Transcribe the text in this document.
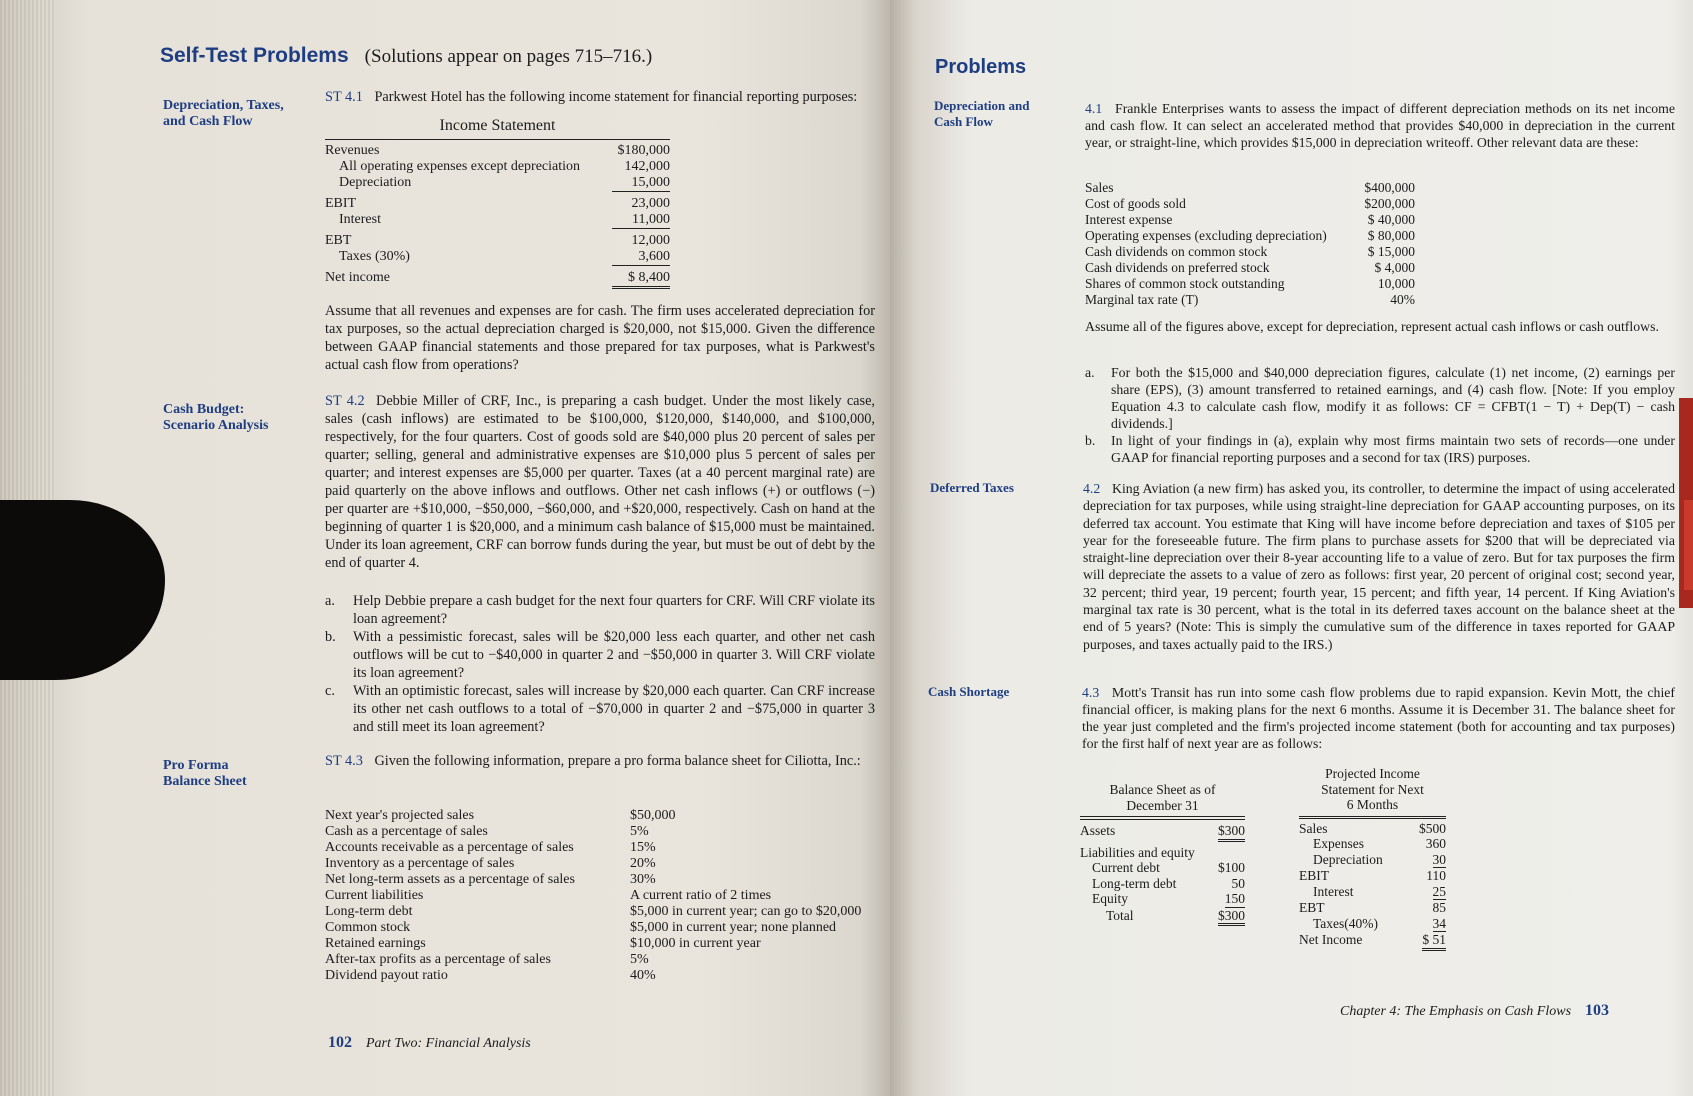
Self-Test Problems (Solutions appear on pages 715–716.)
Depreciation, Taxes,
and Cash Flow
ST 4.1 Parkwest Hotel has the following income statement for financial reporting purposes:
Income Statement
Revenues	$180,000
All operating expenses except depreciation	142,000
Depreciation	15,000
EBIT	23,000
Interest	11,000
EBT	12,000
Taxes (30%)	3,600
Net income	$ 8,400
Assume that all revenues and expenses are for cash. The firm uses accelerated depreciation for tax purposes, so the actual depreciation charged is $20,000, not $15,000. Given the difference between GAAP financial statements and those prepared for tax purposes, what is Parkwest's actual cash flow from operations?
Cash Budget:
Scenario Analysis
ST 4.2 Debbie Miller of CRF, Inc., is preparing a cash budget. Under the most likely case, sales (cash inflows) are estimated to be $100,000, $120,000, $140,000, and $100,000, respectively, for the four quarters. Cost of goods sold are $40,000 plus 20 percent of sales per quarter; selling, general and administrative expenses are $10,000 plus 5 percent of sales per quarter; and interest expenses are $5,000 per quarter. Taxes (at a 40 percent marginal rate) are paid quarterly on the above inflows and outflows. Other net cash inflows (+) or outflows (−) per quarter are +$10,000, −$50,000, −$60,000, and +$20,000, respectively. Cash on hand at the beginning of quarter 1 is $20,000, and a minimum cash balance of $15,000 must be maintained. Under its loan agreement, CRF can borrow funds during the year, but must be out of debt by the end of quarter 4.
a.	Help Debbie prepare a cash budget for the next four quarters for CRF. Will CRF violate its loan agreement?
b.	With a pessimistic forecast, sales will be $20,000 less each quarter, and other net cash outflows will be cut to −$40,000 in quarter 2 and −$50,000 in quarter 3. Will CRF violate its loan agreement?
c.	With an optimistic forecast, sales will increase by $20,000 each quarter. Can CRF increase its other net cash outflows to a total of −$70,000 in quarter 2 and −$75,000 in quarter 3 and still meet its loan agreement?
Pro Forma
Balance Sheet
ST 4.3 Given the following information, prepare a pro forma balance sheet for Ciliotta, Inc.:
Next year's projected sales	$50,000
Cash as a percentage of sales	5%
Accounts receivable as a percentage of sales	15%
Inventory as a percentage of sales	20%
Net long-term assets as a percentage of sales	30%
Current liabilities	A current ratio of 2 times
Long-term debt	$5,000 in current year; can go to $20,000
Common stock	$5,000 in current year; none planned
Retained earnings	$10,000 in current year
After-tax profits as a percentage of sales	5%
Dividend payout ratio	40%
102 Part Two: Financial Analysis
Problems
Depreciation and
Cash Flow
4.1 Frankle Enterprises wants to assess the impact of different depreciation methods on its net income and cash flow. It can select an accelerated method that provides $40,000 in depreciation in the current year, or straight-line, which provides $15,000 in depreciation writeoff. Other relevant data are these:
Sales	$400,000
Cost of goods sold	$200,000
Interest expense	$ 40,000
Operating expenses (excluding depreciation)	$ 80,000
Cash dividends on common stock	$ 15,000
Cash dividends on preferred stock	$ 4,000
Shares of common stock outstanding	10,000
Marginal tax rate (T)	40%
Assume all of the figures above, except for depreciation, represent actual cash inflows or cash outflows.
a.	For both the $15,000 and $40,000 depreciation figures, calculate (1) net income, (2) earnings per share (EPS), (3) amount transferred to retained earnings, and (4) cash flow. [Note: If you employ Equation 4.3 to calculate cash flow, modify it as follows: CF = CFBT(1 − T) + Dep(T) − cash dividends.]
b.	In light of your findings in (a), explain why most firms maintain two sets of records—one under GAAP for financial reporting purposes and a second for tax (IRS) purposes.
Deferred Taxes	4.2 King Aviation (a new firm) has asked you, its controller, to determine the impact of using accelerated depreciation for tax purposes, while using straight-line depreciation for GAAP accounting purposes, on its deferred tax account. You estimate that King will have income before depreciation and taxes of $105 per year for the foreseeable future. The firm plans to purchase assets for $200 that will be depreciated via straight-line depreciation over their 8-year accounting life to a value of zero. But for tax purposes the firm will depreciate the assets to a value of zero as follows: first year, 20 percent of original cost; second year, 32 percent; third year, 19 percent; fourth year, 15 percent; and fifth year, 14 percent. If King Aviation's marginal tax rate is 30 percent, what is the total in its deferred taxes account on the balance sheet at the end of 5 years? (Note: This is simply the cumulative sum of the difference in taxes reported for GAAP purposes, and taxes actually paid to the IRS.)
Cash Shortage	4.3 Mott's Transit has run into some cash flow problems due to rapid expansion. Kevin Mott, the chief financial officer, is making plans for the next 6 months. Assume it is December 31. The balance sheet for the year just completed and the firm's projected income statement (both for accounting and tax purposes) for the first half of next year are as follows:
Balance Sheet as of
December 31
Assets	$300
Liabilities and equity
Current debt	$100
Long-term debt	50
Equity	150
Total	$300
Projected Income
Statement for Next
6 Months
Sales	$500
Expenses	360
Depreciation	30
EBIT	110
Interest	25
EBT	85
Taxes(40%)	34
Net Income	$ 51
Chapter 4: The Emphasis on Cash Flows 103
